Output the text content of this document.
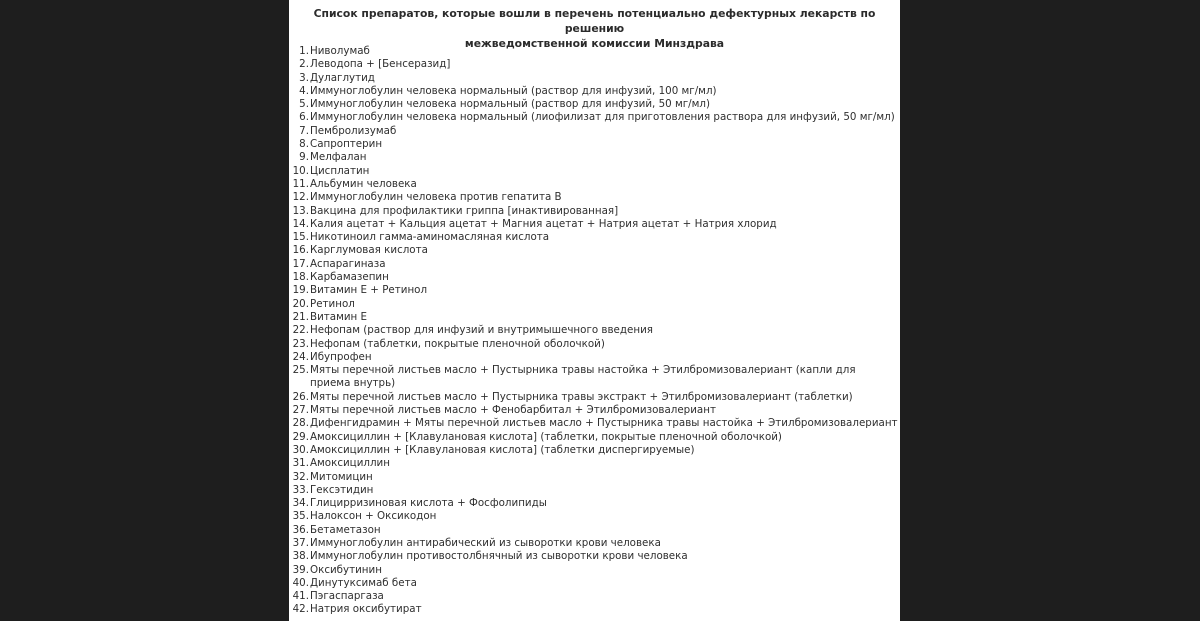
Список препаратов, которые вошли в перечень потенциально дефектурных лекарств по решению
межведомственной комиссии Минздрава
1. Ниволумаб
2. Леводопа + [Бенсеразид]
3. Дулаглутид
4. Иммуноглобулин человека нормальный (раствор для инфузий, 100 мг/мл)
5. Иммуноглобулин человека нормальный (раствор для инфузий, 50 мг/мл)
6. Иммуноглобулин человека нормальный (лиофилизат для приготовления раствора для инфузий, 50 мг/мл)
7. Пембролизумаб
8. Сапроптерин
9. Мелфалан
10. Цисплатин
11. Альбумин человека
12. Иммуноглобулин человека против гепатита В
13. Вакцина для профилактики гриппа [инактивированная]
14. Калия ацетат + Кальция ацетат + Магния ацетат + Натрия ацетат + Натрия хлорид
15. Никотиноил гамма-аминомасляная кислота
16. Карглумовая кислота
17. Аспарагиназа
18. Карбамазепин
19. Витамин Е + Ретинол
20. Ретинол
21. Витамин Е
22. Нефопам (раствор для инфузий и внутримышечного введения
23. Нефопам (таблетки, покрытые пленочной оболочкой)
24. Ибупрофен
25. Мяты перечной листьев масло + Пустырника травы настойка + Этилбромизовалериант (капли для приема внутрь)
26. Мяты перечной листьев масло + Пустырника травы экстракт + Этилбромизовалериант (таблетки)
27. Мяты перечной листьев масло + Фенобарбитал + Этилбромизовалериант
28. Дифенгидрамин + Мяты перечной листьев масло + Пустырника травы настойка + Этилбромизовалериант
29. Амоксициллин + [Клавулановая кислота] (таблетки, покрытые пленочной оболочкой)
30. Амоксициллин + [Клавулановая кислота] (таблетки диспергируемые)
31. Амоксициллин
32. Митомицин
33. Гексэтидин
34. Глицирризиновая кислота + Фосфолипиды
35. Налоксон + Оксикодон
36. Бетаметазон
37. Иммуноглобулин антирабический из сыворотки крови человека
38. Иммуноглобулин противостолбнячный из сыворотки крови человека
39. Оксибутинин
40. Динутуксимаб бета
41. Пэгаспаргаза
42. Натрия оксибутират
